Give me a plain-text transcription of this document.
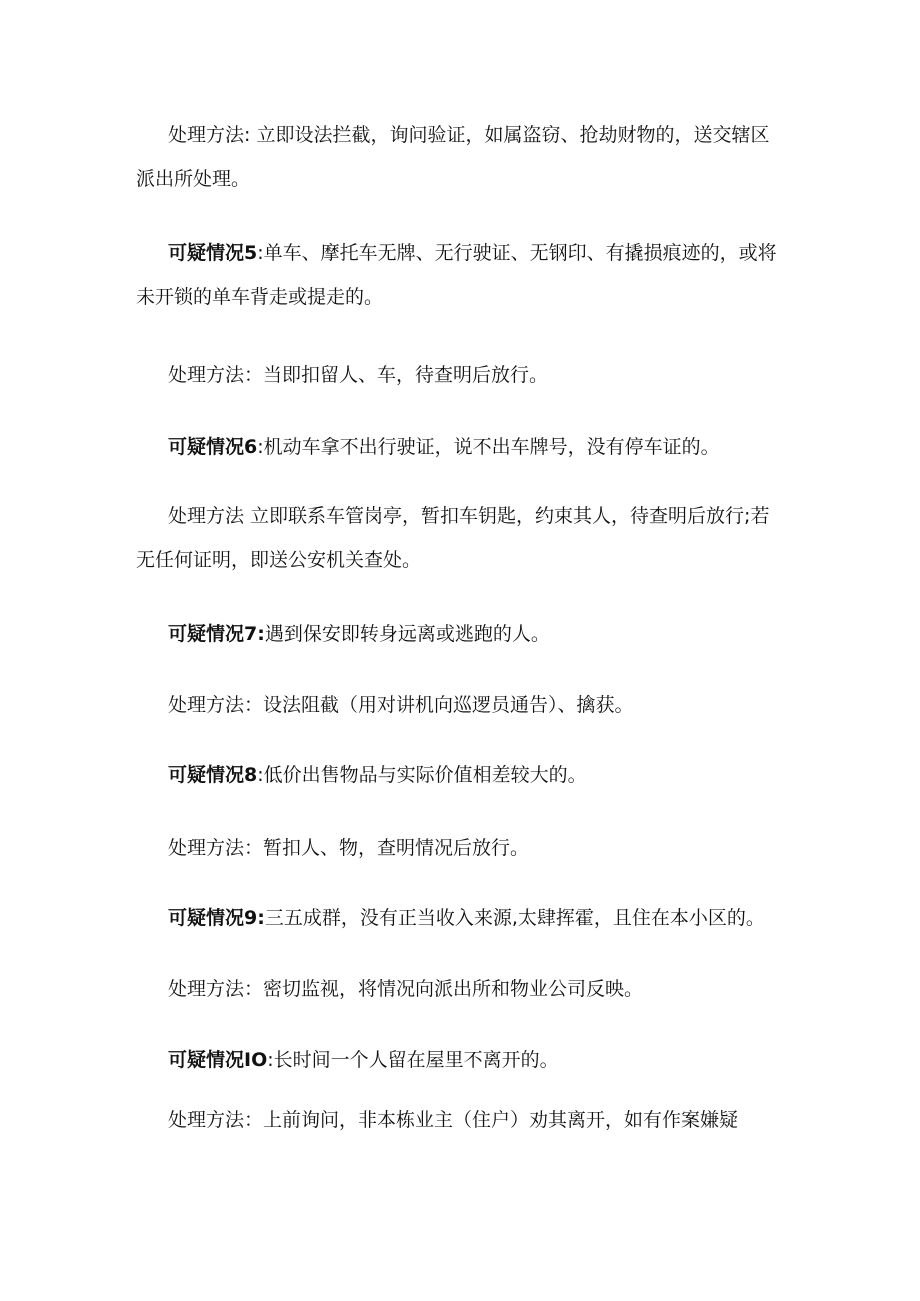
处理方法: 立即设法拦截，询问验证，如属盗窃、抢劫财物的，送交辖区派出所处理。

可疑情况5:单车、摩托车无牌、无行驶证、无钢印、有撬损痕迹的，或将未开锁的单车背走或提走的。

处理方法：当即扣留人、车，待查明后放行。

可疑情况6:机动车拿不出行驶证，说不出车牌号，没有停车证的。

处理方法 立即联系车管岗亭，暂扣车钥匙，约束其人，待查明后放行;若无任何证明，即送公安机关查处。

可疑情况7:遇到保安即转身远离或逃跑的人。

处理方法：设法阻截（用对讲机向巡逻员通告）、擒获。

可疑情况8:低价出售物品与实际价值相差较大的。

处理方法：暂扣人、物，查明情况后放行。

可疑情况9:三五成群，没有正当收入来源,太肆挥霍，且住在本小区的。

处理方法：密切监视，将情况向派出所和物业公司反映。

可疑情况IO:长时间一个人留在屋里不离开的。

处理方法：上前询问，非本栋业主（住户）劝其离开，如有作案嫌疑
